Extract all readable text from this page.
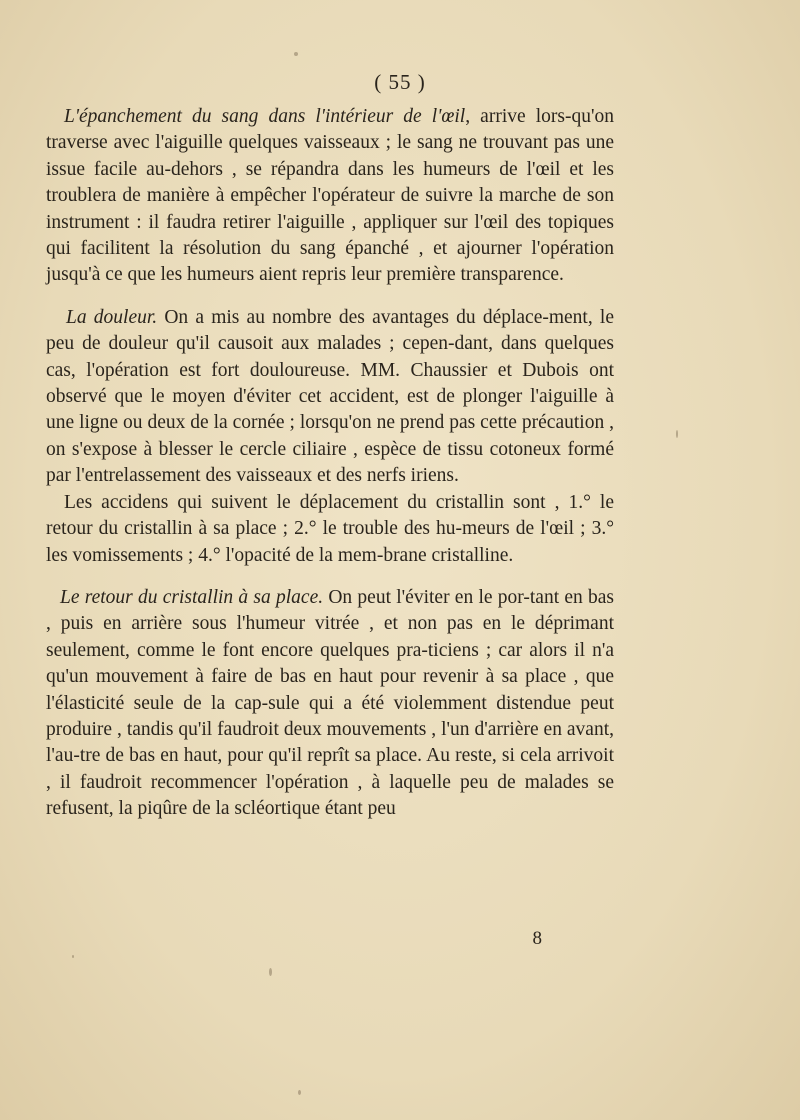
( 55 )

L'épanchement du sang dans l'intérieur de l'œil, arrive lors-qu'on traverse avec l'aiguille quelques vaisseaux ; le sang ne trouvant pas une issue facile au-dehors , se répandra dans les humeurs de l'œil et les troublera de manière à empêcher l'opérateur de suivre la marche de son instrument : il faudra retirer l'aiguille , appliquer sur l'œil des topiques qui facilitent la résolution du sang épanché , et ajourner l'opération jusqu'à ce que les humeurs aient repris leur première transparence.

La douleur. On a mis au nombre des avantages du déplace-ment, le peu de douleur qu'il causoit aux malades ; cepen-dant, dans quelques cas, l'opération est fort douloureuse. MM. Chaussier et Dubois ont observé que le moyen d'éviter cet accident, est de plonger l'aiguille à une ligne ou deux de la cornée ; lorsqu'on ne prend pas cette précaution , on s'expose à blesser le cercle ciliaire , espèce de tissu cotoneux formé par l'entrelassement des vaisseaux et des nerfs iriens.

Les accidens qui suivent le déplacement du cristallin sont , 1.° le retour du cristallin à sa place ; 2.° le trouble des hu-meurs de l'œil ; 3.° les vomissements ; 4.° l'opacité de la mem-brane cristalline.

Le retour du cristallin à sa place. On peut l'éviter en le por-tant en bas , puis en arrière sous l'humeur vitrée , et non pas en le déprimant seulement, comme le font encore quelques pra-ticiens ; car alors il n'a qu'un mouvement à faire de bas en haut pour revenir à sa place , que l'élasticité seule de la cap-sule qui a été violemment distendue peut produire , tandis qu'il faudroit deux mouvements , l'un d'arrière en avant, l'au-tre de bas en haut, pour qu'il reprît sa place. Au reste, si cela arrivoit , il faudroit recommencer l'opération , à laquelle peu de malades se refusent, la piqûre de la scléortique étant peu

8
